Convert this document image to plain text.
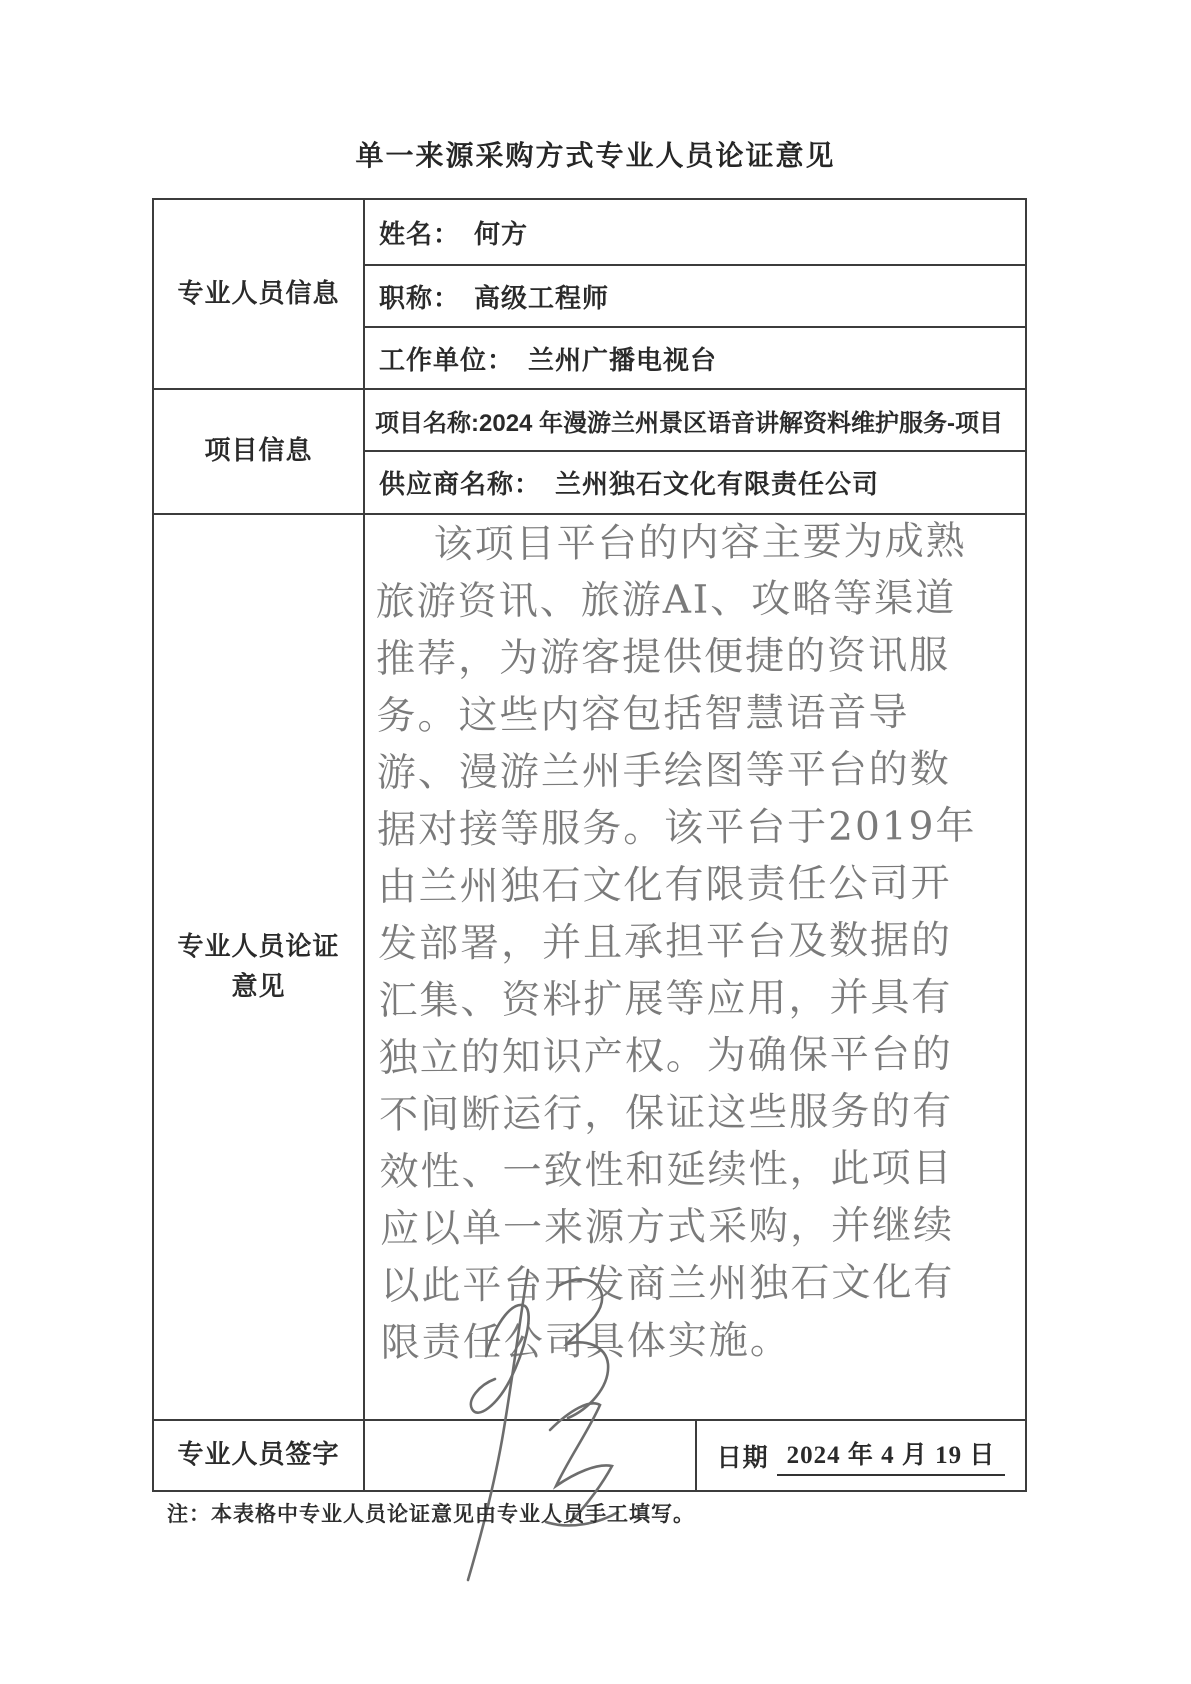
单一来源采购方式专业人员论证意见
专业人员信息
姓名： 何方
职称： 高级工程师
工作单位： 兰州广播电视台
项目信息
项目名称: 2024 年漫游兰州景区语音讲解资料维护服务-项目
供应商名称： 兰州独石文化有限责任公司
专业人员论证
意见

该项目平台的内容主要为成熟旅游资讯、旅游AI、攻略等渠道推荐，为游客提供便捷的资讯服务。这些内容包括智慧语音导游、漫游兰州手绘图等平台的数据对接等服务。该平台于2019年由兰州独石文化有限责任公司开发部署，并且承担平台及数据的汇集、资料扩展等应用，并具有独立的知识产权。为确保平台的不间断运行，保证这些服务的有效性、一致性和延续性，此项目应以单一来源方式采购，并继续以此平台开发商兰州独石文化有限责任公司具体实施。

专业人员签字	日期 2024 年 4 月 19 日
注：本表格中专业人员论证意见由专业人员手工填写。
